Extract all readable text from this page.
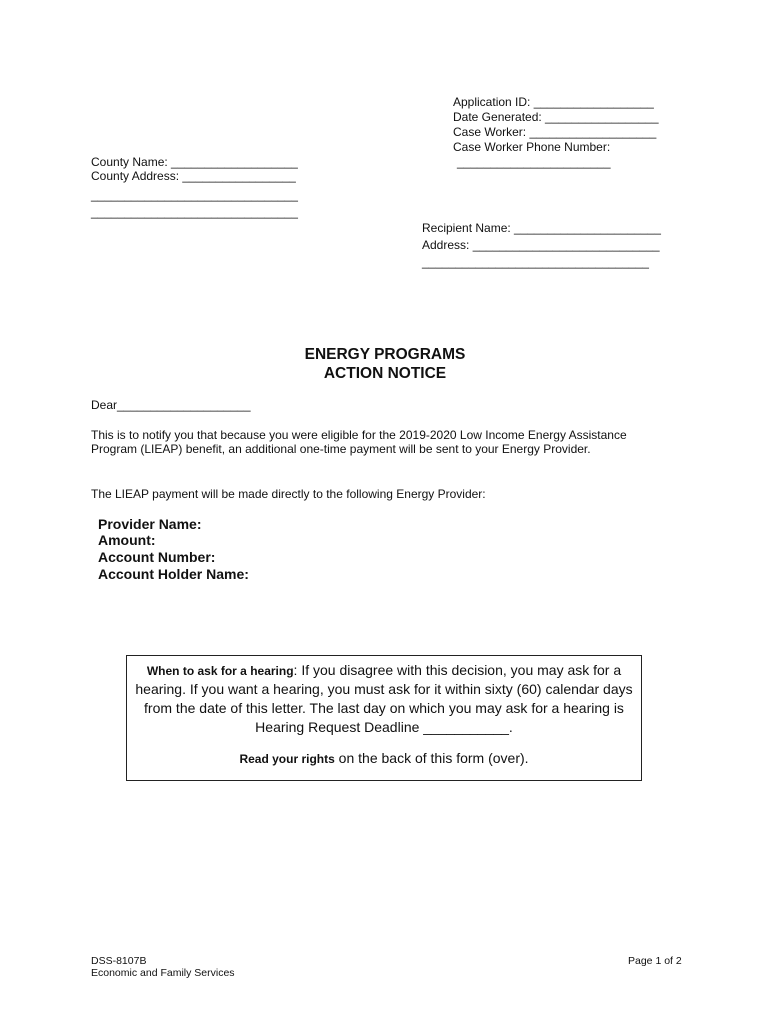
Application ID: __________________
Date Generated: _________________
Case Worker: ___________________
Case Worker Phone Number:
_______________________
County Name: ___________________
County Address: _________________
_______________________________
_______________________________
Recipient Name: ______________________
Address: ____________________________
__________________________________
ENERGY PROGRAMS
ACTION NOTICE
Dear____________________
This is to notify you that because you were eligible for the 2019-2020 Low Income Energy Assistance
Program (LIEAP) benefit, an additional one-time payment will be sent to your Energy Provider.
The LIEAP payment will be made directly to the following Energy Provider:
Provider Name:
Amount:
Account Number:
Account Holder Name:
When to ask for a hearing: If you disagree with this decision, you may ask for a
hearing. If you want a hearing, you must ask for it within sixty (60) calendar days
from the date of this letter. The last day on which you may ask for a hearing is
Hearing Request Deadline ___________.
Read your rights on the back of this form (over).
DSS-8107B
Economic and Family Services
Page 1 of 2
